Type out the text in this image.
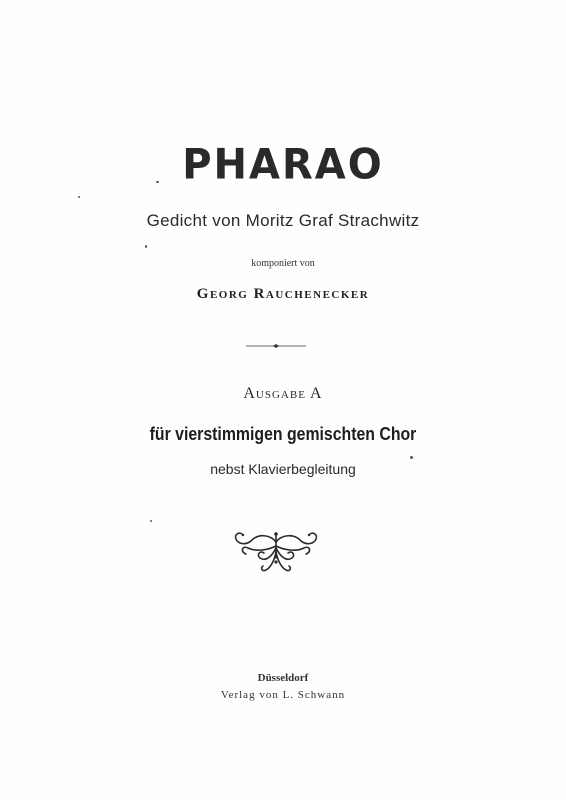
PHARAO
Gedicht von Moritz Graf Strachwitz
komponiert von
Georg Rauchenecker
Ausgabe A
für vierstimmigen gemischten Chor
nebst Klavierbegleitung
Düsseldorf
Verlag von L. Schwann
